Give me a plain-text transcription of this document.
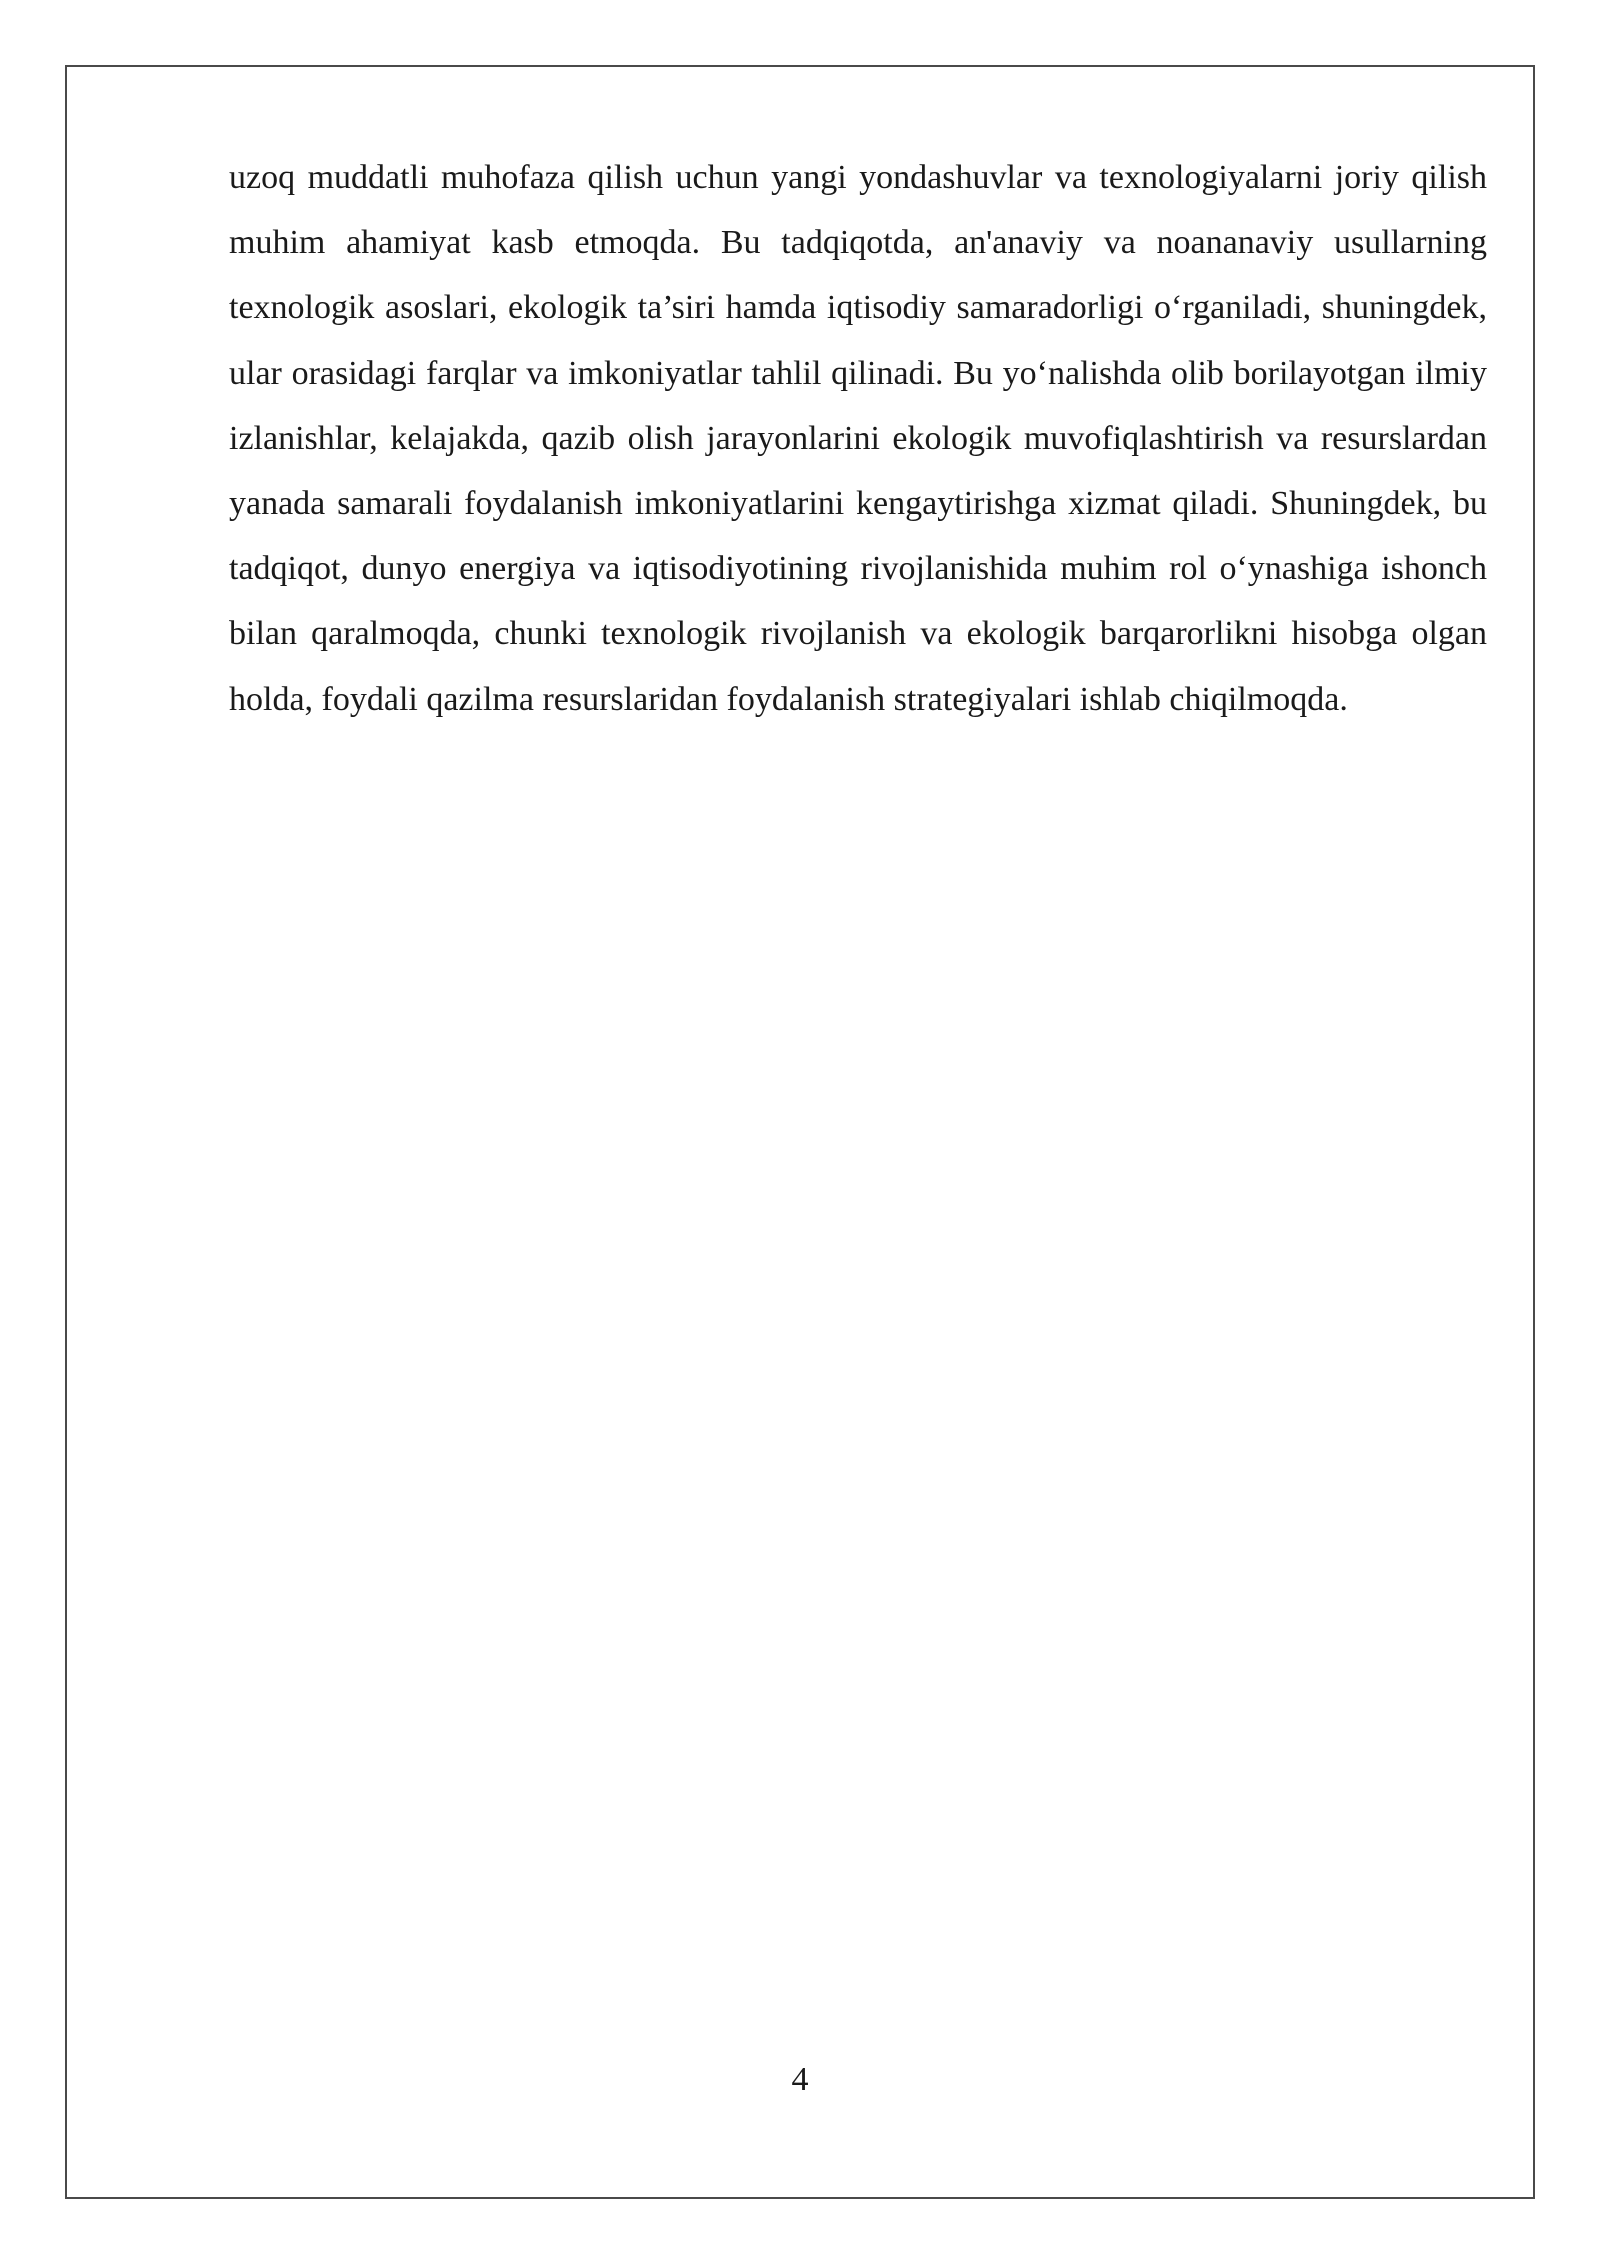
uzoq muddatli muhofaza qilish uchun yangi yondashuvlar va texnologiyalarni joriy qilish muhim ahamiyat kasb etmoqda. Bu tadqiqotda, an'anaviy va noananaviy usullarning texnologik asoslari, ekologik ta’siri hamda iqtisodiy samaradorligi o‘rganiladi, shuningdek, ular orasidagi farqlar va imkoniyatlar tahlil qilinadi. Bu yo‘nalishda olib borilayotgan ilmiy izlanishlar, kelajakda, qazib olish jarayonlarini ekologik muvofiqlashtirish va resurslardan yanada samarali foydalanish imkoniyatlarini kengaytirishga xizmat qiladi. Shuningdek, bu tadqiqot, dunyo energiya va iqtisodiyotining rivojlanishida muhim rol o‘ynashiga ishonch bilan qaralmoqda, chunki texnologik rivojlanish va ekologik barqarorlikni hisobga olgan holda, foydali qazilma resurslaridan foydalanish strategiyalari ishlab chiqilmoqda.

4
